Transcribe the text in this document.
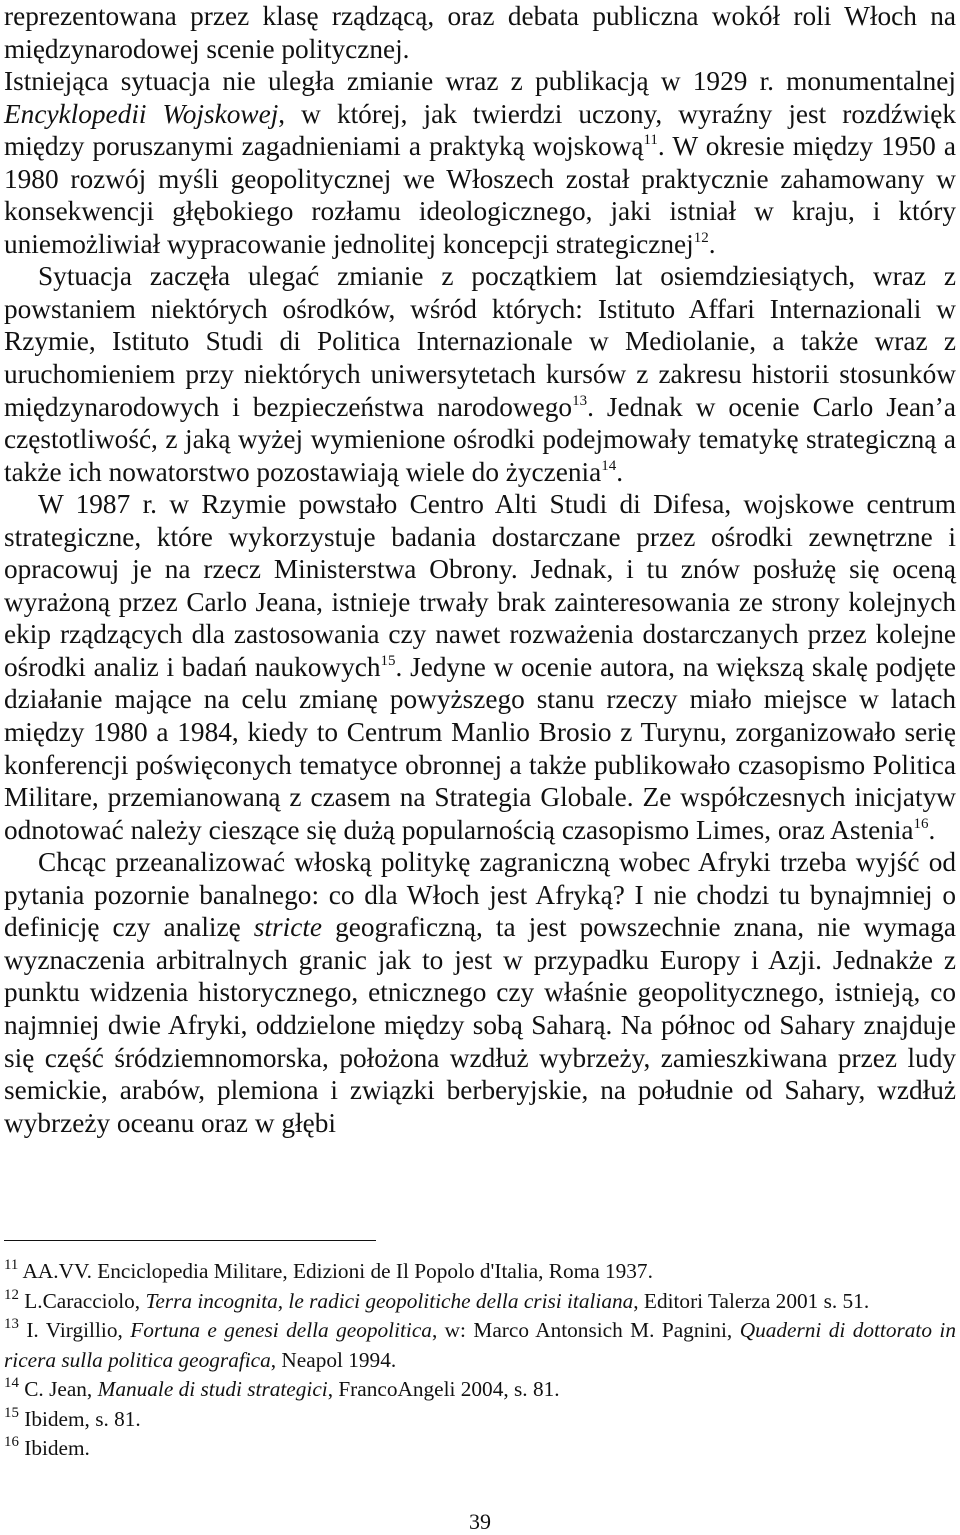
reprezentowana przez klasę rządzącą, oraz debata publiczna wokół roli Włoch na międzynarodowej scenie politycznej.

Istniejąca sytuacja nie uległa zmianie wraz z publikacją w 1929 r. monumentalnej Encyklopedii Wojskowej, w której, jak twierdzi uczony, wyraźny jest rozdźwięk między poruszanymi zagadnieniami a praktyką wojskową$^{11}$. W okresie między 1950 a 1980 rozwój myśli geopolitycznej we Włoszech został praktycznie zahamowany w konsekwencji głębokiego rozłamu ideologicznego, jaki istniał w kraju, i który uniemożliwiał wypracowanie jednolitej koncepcji strategicznej$^{12}$.

Sytuacja zaczęła ulegać zmianie z początkiem lat osiemdziesiątych, wraz z powstaniem niektórych ośrodków, wśród których: Istituto Affari Internazionali w Rzymie, Istituto Studi di Politica Internazionale w Mediolanie, a także wraz z uruchomieniem przy niektórych uniwersytetach kursów z zakresu historii stosunków międzynarodowych i bezpieczeństwa narodowego$^{13}$. Jednak w ocenie Carlo Jean’a częstotliwość, z jaką wyżej wymienione ośrodki podejmowały tematykę strategiczną a także ich nowatorstwo pozostawiają wiele do życzenia$^{14}$.

W 1987 r. w Rzymie powstało Centro Alti Studi di Difesa, wojskowe centrum strategiczne, które wykorzystuje badania dostarczane przez ośrodki zewnętrzne i opracowuj je na rzecz Ministerstwa Obrony. Jednak, i tu znów posłużę się oceną wyrażoną przez Carlo Jeana, istnieje trwały brak zainteresowania ze strony kolejnych ekip rządzących dla zastosowania czy nawet rozważenia dostarczanych przez kolejne ośrodki analiz i badań naukowych$^{15}$. Jedyne w ocenie autora, na większą skalę podjęte działanie mające na celu zmianę powyższego stanu rzeczy miało miejsce w latach między 1980 a 1984, kiedy to Centrum Manlio Brosio z Turynu, zorganizowało serię konferencji poświęconych tematyce obronnej a także publikowało czasopismo Politica Militare, przemianowaną z czasem na Strategia Globale. Ze współczesnych inicjatyw odnotować należy cieszące się dużą popularnością czasopismo Limes, oraz Astenia$^{16}$.

Chcąc przeanalizować włoską politykę zagraniczną wobec Afryki trzeba wyjść od pytania pozornie banalnego: co dla Włoch jest Afryką? I nie chodzi tu bynajmniej o definicję czy analizę stricte geograficzną, ta jest powszechnie znana, nie wymaga wyznaczenia arbitralnych granic jak to jest w przypadku Europy i Azji. Jednakże z punktu widzenia historycznego, etnicznego czy właśnie geopolitycznego, istnieją, co najmniej dwie Afryki, oddzielone między sobą Saharą. Na północ od Sahary znajduje się część śródziemnomorska, położona wzdłuż wybrzeży, zamieszkiwana przez ludy semickie, arabów, plemiona i związki berberyjskie, na południe od Sahary, wzdłuż wybrzeży oceanu oraz w głębi

$^{11}$ AA.VV. Enciclopedia Militare, Edizioni de Il Popolo d'Italia, Roma 1937.

$^{12}$ L.Caracciolo, Terra incognita, le radici geopolitiche della crisi italiana, Editori Talerza 2001 s. 51.

$^{13}$ I. Virgillio, Fortuna e genesi della geopolitica, w: Marco Antonsich M. Pagnini, Quaderni di dottorato in ricera sulla politica geografica, Neapol 1994.

$^{14}$ C. Jean, Manuale di studi strategici, FrancoAngeli 2004, s. 81.

$^{15}$ Ibidem, s. 81.

$^{16}$ Ibidem.

39
